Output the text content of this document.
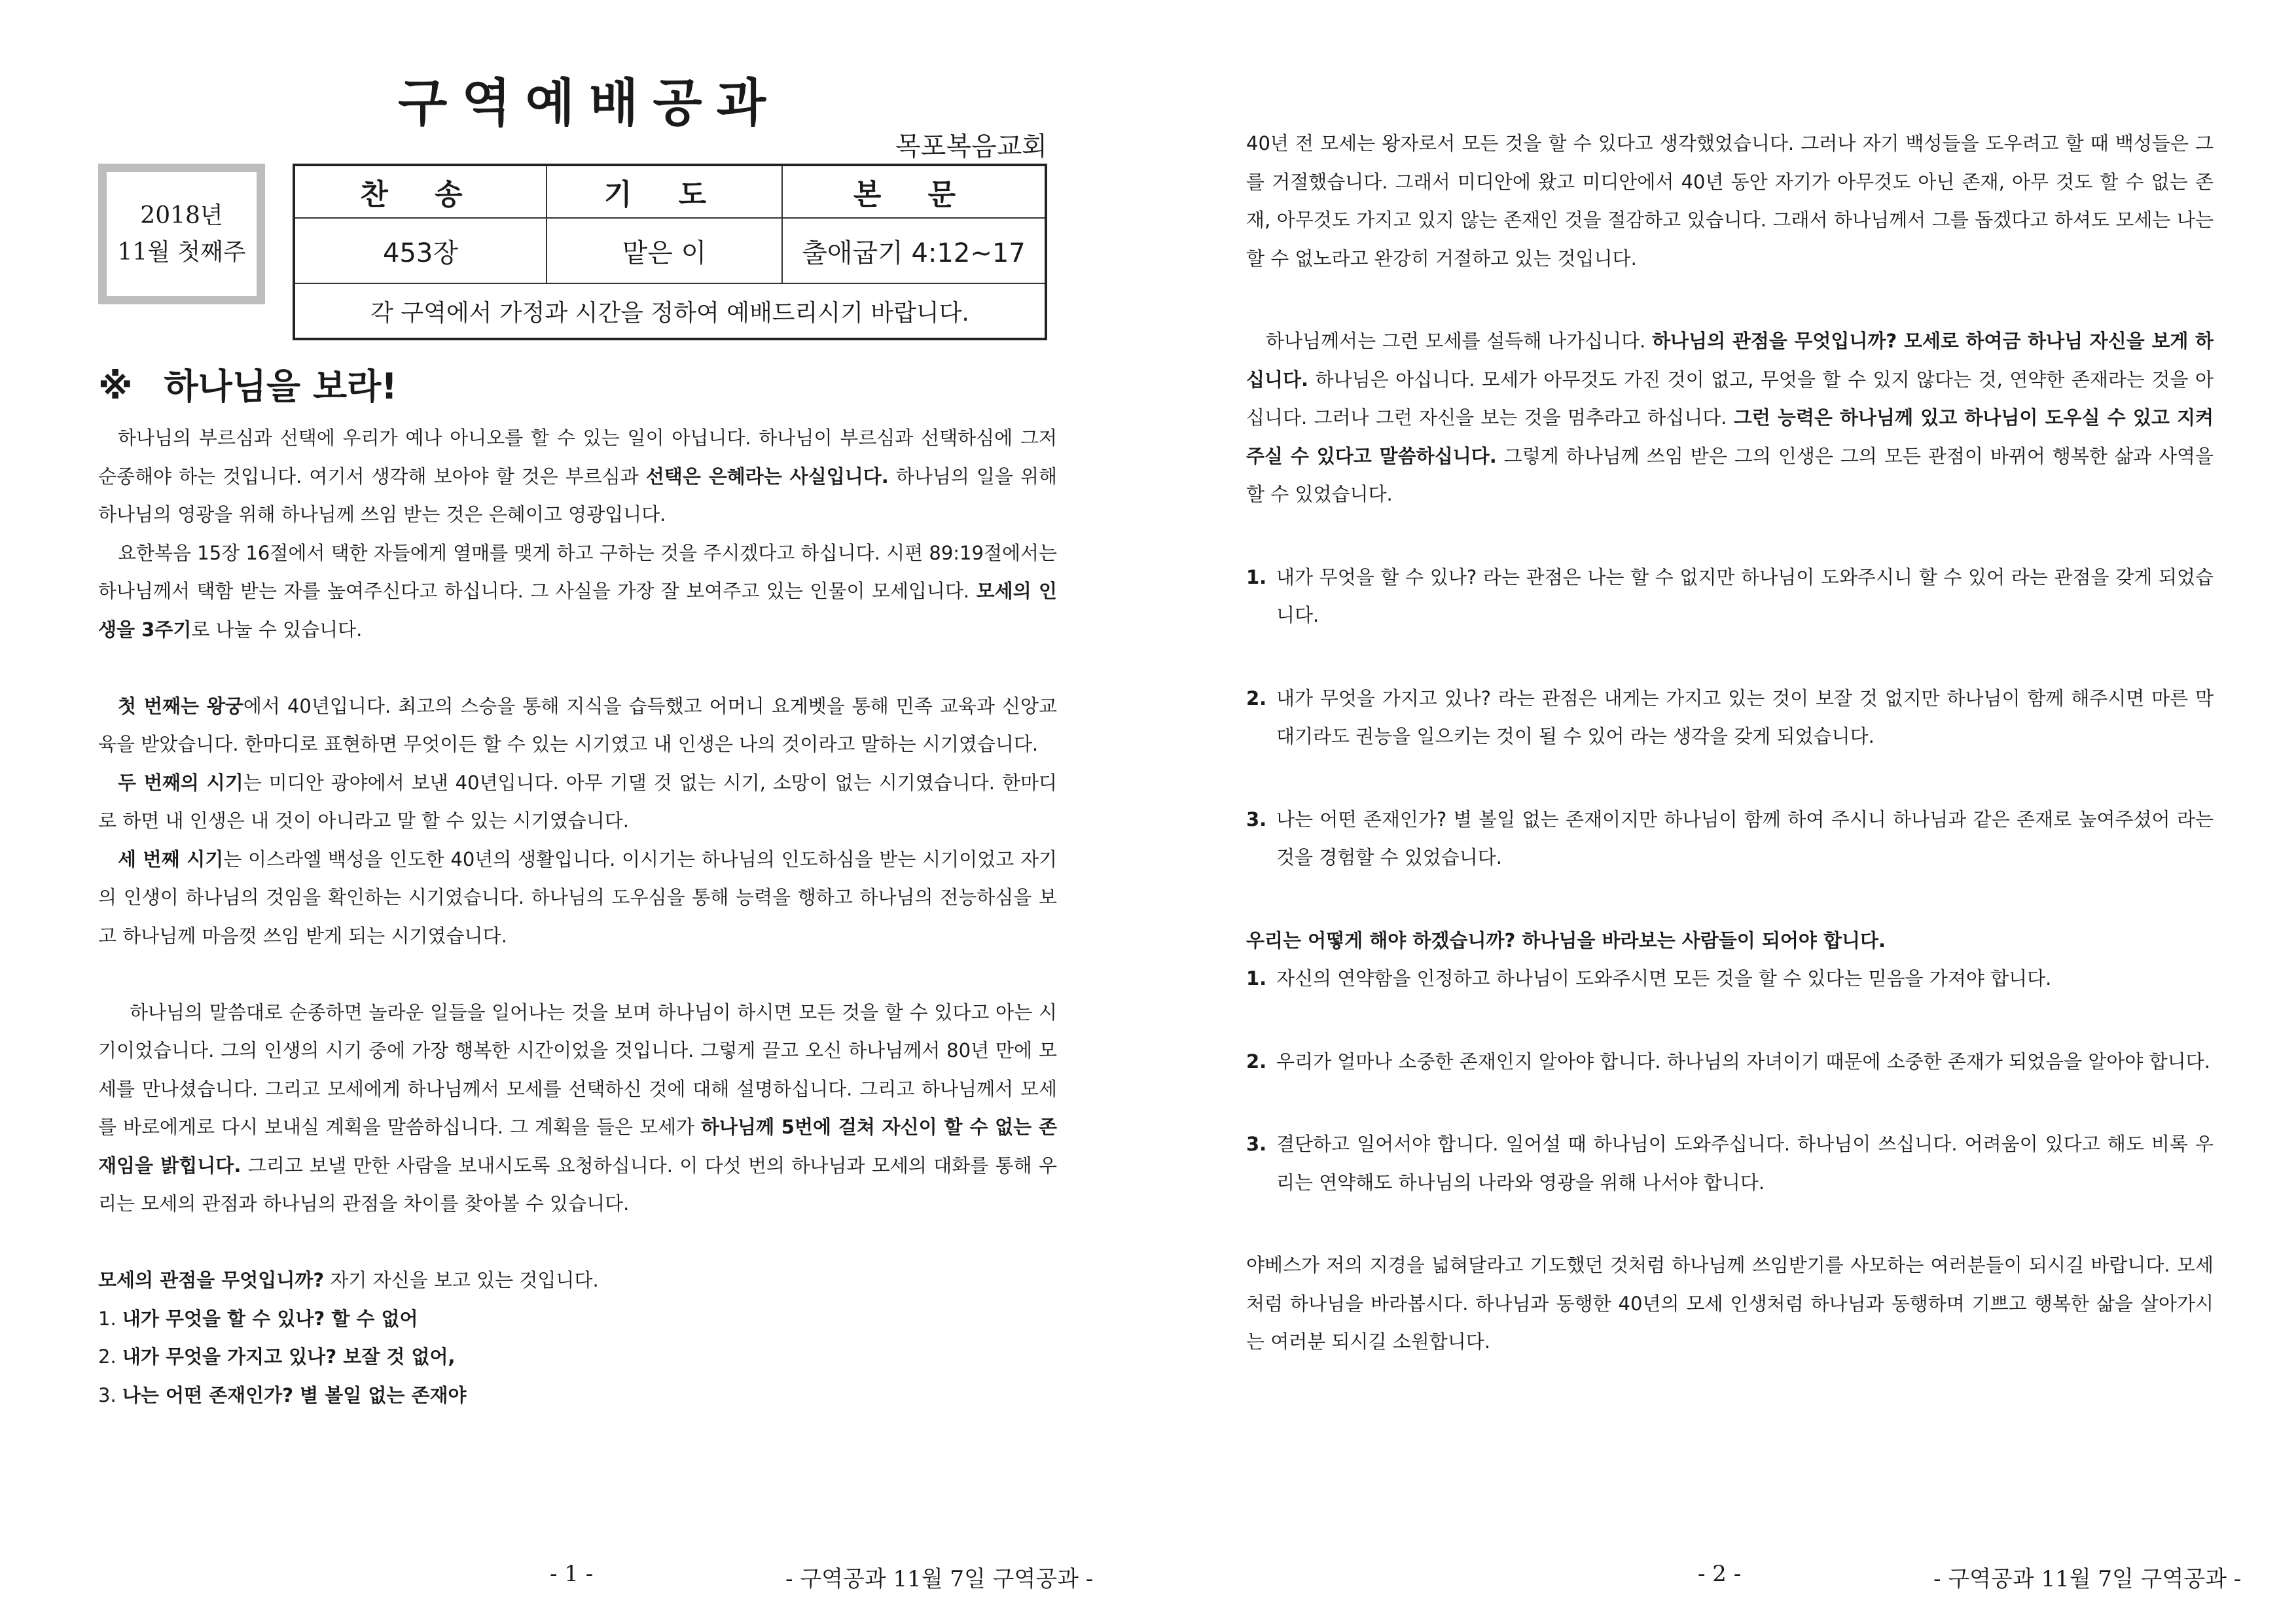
구역예배공과
목포복음교회
2018년
11월 첫째주
찬 송	기 도	본 문
453장	맡은 이	출애굽기 4:12~17
각 구역에서 가정과 시간을 정하여 예배드리시기 바랍니다.
※ 하나님을 보라!

하나님의 부르심과 선택에 우리가 예나 아니오를 할 수 있는 일이 아닙니다. 하나님이 부르심과 선택하심에 그저 순종해야 하는 것입니다. 여기서 생각해 보아야 할 것은 부르심과 선택은 은혜라는 사실입니다. 하나님의 일을 위해 하나님의 영광을 위해 하나님께 쓰임 받는 것은 은혜이고 영광입니다.

요한복음 15장 16절에서 택한 자들에게 열매를 맺게 하고 구하는 것을 주시겠다고 하십니다. 시편 89:19절에서는 하나님께서 택함 받는 자를 높여주신다고 하십니다. 그 사실을 가장 잘 보여주고 있는 인물이 모세입니다. 모세의 인생을 3주기로 나눌 수 있습니다.

첫 번째는 왕궁에서 40년입니다. 최고의 스승을 통해 지식을 습득했고 어머니 요게벳을 통해 민족 교육과 신앙교육을 받았습니다. 한마디로 표현하면 무엇이든 할 수 있는 시기였고 내 인생은 나의 것이라고 말하는 시기였습니다.

두 번째의 시기는 미디안 광야에서 보낸 40년입니다. 아무 기댈 것 없는 시기, 소망이 없는 시기였습니다. 한마디로 하면 내 인생은 내 것이 아니라고 말 할 수 있는 시기였습니다.

세 번째 시기는 이스라엘 백성을 인도한 40년의 생활입니다. 이시기는 하나님의 인도하심을 받는 시기이었고 자기의 인생이 하나님의 것임을 확인하는 시기였습니다. 하나님의 도우심을 통해 능력을 행하고 하나님의 전능하심을 보고 하나님께 마음껏 쓰임 받게 되는 시기였습니다.

하나님의 말씀대로 순종하면 놀라운 일들을 일어나는 것을 보며 하나님이 하시면 모든 것을 할 수 있다고 아는 시기이었습니다. 그의 인생의 시기 중에 가장 행복한 시간이었을 것입니다. 그렇게 끌고 오신 하나님께서 80년 만에 모세를 만나셨습니다. 그리고 모세에게 하나님께서 모세를 선택하신 것에 대해 설명하십니다. 그리고 하나님께서 모세를 바로에게로 다시 보내실 계획을 말씀하십니다. 그 계획을 들은 모세가 하나님께 5번에 걸쳐 자신이 할 수 없는 존재임을 밝힙니다. 그리고 보낼 만한 사람을 보내시도록 요청하십니다. 이 다섯 번의 하나님과 모세의 대화를 통해 우리는 모세의 관점과 하나님의 관점을 차이를 찾아볼 수 있습니다.

모세의 관점을 무엇입니까? 자기 자신을 보고 있는 것입니다.

1. 내가 무엇을 할 수 있나? 할 수 없어

2. 내가 무엇을 가지고 있나? 보잘 것 없어,

3. 나는 어떤 존재인가? 별 볼일 없는 존재야

- 1 -	- 구역공과 11월 7일 구역공과 -

40년 전 모세는 왕자로서 모든 것을 할 수 있다고 생각했었습니다. 그러나 자기 백성들을 도우려고 할 때 백성들은 그를 거절했습니다. 그래서 미디안에 왔고 미디안에서 40년 동안 자기가 아무것도 아닌 존재, 아무 것도 할 수 없는 존재, 아무것도 가지고 있지 않는 존재인 것을 절감하고 있습니다. 그래서 하나님께서 그를 돕겠다고 하셔도 모세는 나는 할 수 없노라고 완강히 거절하고 있는 것입니다.

하나님께서는 그런 모세를 설득해 나가십니다. 하나님의 관점을 무엇입니까? 모세로 하여금 하나님 자신을 보게 하십니다. 하나님은 아십니다. 모세가 아무것도 가진 것이 없고, 무엇을 할 수 있지 않다는 것, 연약한 존재라는 것을 아십니다. 그러나 그런 자신을 보는 것을 멈추라고 하십니다. 그런 능력은 하나님께 있고 하나님이 도우실 수 있고 지켜주실 수 있다고 말씀하십니다. 그렇게 하나님께 쓰임 받은 그의 인생은 그의 모든 관점이 바뀌어 행복한 삶과 사역을 할 수 있었습니다.

1. 내가 무엇을 할 수 있나? 라는 관점은 나는 할 수 없지만 하나님이 도와주시니 할 수 있어 라는 관점을 갖게 되었습니다.

2. 내가 무엇을 가지고 있나? 라는 관점은 내게는 가지고 있는 것이 보잘 것 없지만 하나님이 함께 해주시면 마른 막대기라도 권능을 일으키는 것이 될 수 있어 라는 생각을 갖게 되었습니다.

3. 나는 어떤 존재인가? 별 볼일 없는 존재이지만 하나님이 함께 하여 주시니 하나님과 같은 존재로 높여주셨어 라는 것을 경험할 수 있었습니다.

우리는 어떻게 해야 하겠습니까? 하나님을 바라보는 사람들이 되어야 합니다.

1. 자신의 연약함을 인정하고 하나님이 도와주시면 모든 것을 할 수 있다는 믿음을 가져야 합니다.

2. 우리가 얼마나 소중한 존재인지 알아야 합니다. 하나님의 자녀이기 때문에 소중한 존재가 되었음을 알아야 합니다.

3. 결단하고 일어서야 합니다. 일어설 때 하나님이 도와주십니다. 하나님이 쓰십니다. 어려움이 있다고 해도 비록 우리는 연약해도 하나님의 나라와 영광을 위해 나서야 합니다.

야베스가 저의 지경을 넓혀달라고 기도했던 것처럼 하나님께 쓰임받기를 사모하는 여러분들이 되시길 바랍니다. 모세처럼 하나님을 바라봅시다. 하나님과 동행한 40년의 모세 인생처럼 하나님과 동행하며 기쁘고 행복한 삶을 살아가시는 여러분 되시길 소원합니다.

- 2 -	- 구역공과 11월 7일 구역공과 -
